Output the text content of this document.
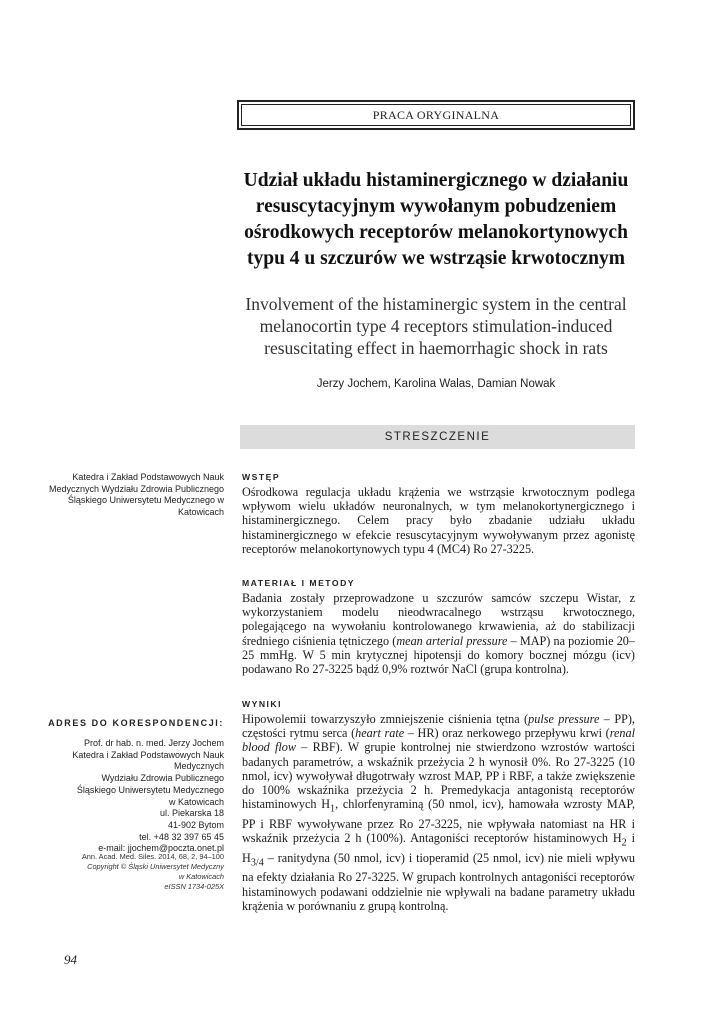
PRACA ORYGINALNA
Udział układu histaminergicznego w działaniu resuscytacyjnym wywołanym pobudzeniem ośrodkowych receptorów melanokortynowych typu 4 u szczurów we wstrząsie krwotocznym
Involvement of the histaminergic system in the central melanocortin type 4 receptors stimulation-induced resuscitating effect in haemorrhagic shock in rats
Jerzy Jochem, Karolina Walas, Damian Nowak
STRESZCZENIE
Katedra i Zakład Podstawowych Nauk Medycznych Wydziału Zdrowia Publicznego Śląskiego Uniwersytetu Medycznego w Katowicach
ADRES DO KORESPONDENCJI:
Prof. dr hab. n. med. Jerzy Jochem
Katedra i Zakład Podstawowych Nauk Medycznych
Wydziału Zdrowia Publicznego
Śląskiego Uniwersytetu Medycznego
w Katowicach
ul. Piekarska 18
41-902 Bytom
tel. +48 32 397 65 45
e-mail: jjochem@poczta.onet.pl
Ann. Acad. Med. Siles. 2014, 68, 2, 94–100
Copyright © Śląski Uniwersytet Medyczny
w Katowicach
eISSN 1734-025X
WSTĘP
Ośrodkowa regulacja układu krążenia we wstrząsie krwotocznym podlega wpływom wielu układów neuronalnych, w tym melanokortynergicznego i histaminergicznego. Celem pracy było zbadanie udziału układu histaminergicznego w efekcie resuscytacyjnym wywoływanym przez agonistę receptorów melanokortynowych typu 4 (MC4) Ro 27-3225.
MATERIAŁ I METODY
Badania zostały przeprowadzone u szczurów samców szczepu Wistar, z wykorzystaniem modelu nieodwracalnego wstrząsu krwotocznego, polegającego na wywołaniu kontrolowanego krwawienia, aż do stabilizacji średniego ciśnienia tętniczego (mean arterial pressure – MAP) na poziomie 20–25 mmHg. W 5 min krytycznej hipotensji do komory bocznej mózgu (icv) podawano Ro 27-3225 bądź 0,9% roztwór NaCl (grupa kontrolna).
WYNIKI
Hipowolemii towarzyszyło zmniejszenie ciśnienia tętna (pulse pressure – PP), częstości rytmu serca (heart rate – HR) oraz nerkowego przepływu krwi (renal blood flow – RBF). W grupie kontrolnej nie stwierdzono wzrostów wartości badanych parametrów, a wskaźnik przeżycia 2 h wynosił 0%. Ro 27-3225 (10 nmol, icv) wywoływał długotrwały wzrost MAP, PP i RBF, a także zwiększenie do 100% wskaźnika przeżycia 2 h. Premedykacja antagonistą receptorów histaminowych $H_1$, chlorfenyraminą (50 nmol, icv), hamowała wzrosty MAP, PP i RBF wywoływane przez Ro 27-3225, nie wpływała natomiast na HR i wskaźnik przeżycia 2 h (100%). Antagoniści receptorów histaminowych $H_2$ i $H_{3/4}$ – ranitydyna (50 nmol, icv) i tioperamid (25 nmol, icv) nie mieli wpływu na efekty działania Ro 27-3225. W grupach kontrolnych antagoniści receptorów histaminowych podawani oddzielnie nie wpływali na badane parametry układu krążenia w porównaniu z grupą kontrolną.
94
